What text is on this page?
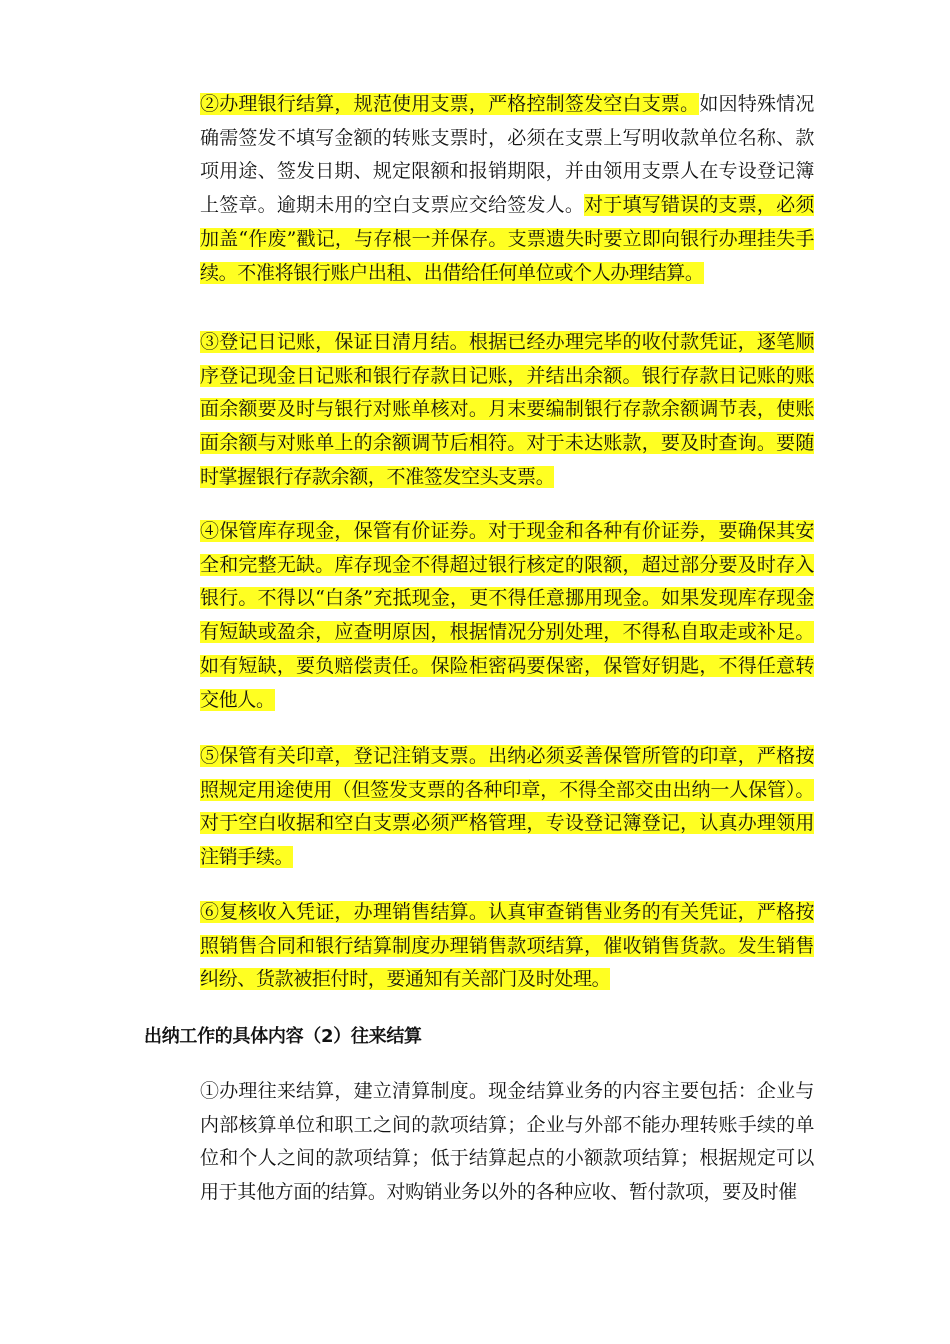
②办理银行结算，规范使用支票，严格控制签发空白支票。如因特殊情况确需签发不填写金额的转账支票时，必须在支票上写明收款单位名称、款项用途、签发日期、规定限额和报销期限，并由领用支票人在专设登记簿上签章。逾期未用的空白支票应交给签发人。对于填写错误的支票，必须加盖“作废”戳记，与存根一并保存。支票遗失时要立即向银行办理挂失手续。不准将银行账户出租、出借给任何单位或个人办理结算。

③登记日记账，保证日清月结。根据已经办理完毕的收付款凭证，逐笔顺序登记现金日记账和银行存款日记账，并结出余额。银行存款日记账的账面余额要及时与银行对账单核对。月末要编制银行存款余额调节表，使账面余额与对账单上的余额调节后相符。对于未达账款，要及时查询。要随时掌握银行存款余额，不准签发空头支票。

④保管库存现金，保管有价证券。对于现金和各种有价证券，要确保其安全和完整无缺。库存现金不得超过银行核定的限额，超过部分要及时存入银行。不得以“白条”充抵现金，更不得任意挪用现金。如果发现库存现金有短缺或盈余，应查明原因，根据情况分别处理，不得私自取走或补足。如有短缺，要负赔偿责任。保险柜密码要保密，保管好钥匙，不得任意转交他人。

⑤保管有关印章，登记注销支票。出纳必须妥善保管所管的印章，严格按照规定用途使用（但签发支票的各种印章，不得全部交由出纳一人保管）。对于空白收据和空白支票必须严格管理，专设登记簿登记，认真办理领用注销手续。

⑥复核收入凭证，办理销售结算。认真审查销售业务的有关凭证，严格按照销售合同和银行结算制度办理销售款项结算，催收销售货款。发生销售纠纷、货款被拒付时，要通知有关部门及时处理。

出纳工作的具体内容（2）往来结算

①办理往来结算，建立清算制度。现金结算业务的内容主要包括：企业与内部核算单位和职工之间的款项结算；企业与外部不能办理转账手续的单位和个人之间的款项结算；低于结算起点的小额款项结算；根据规定可以用于其他方面的结算。对购销业务以外的各种应收、暂付款项，要及时催
